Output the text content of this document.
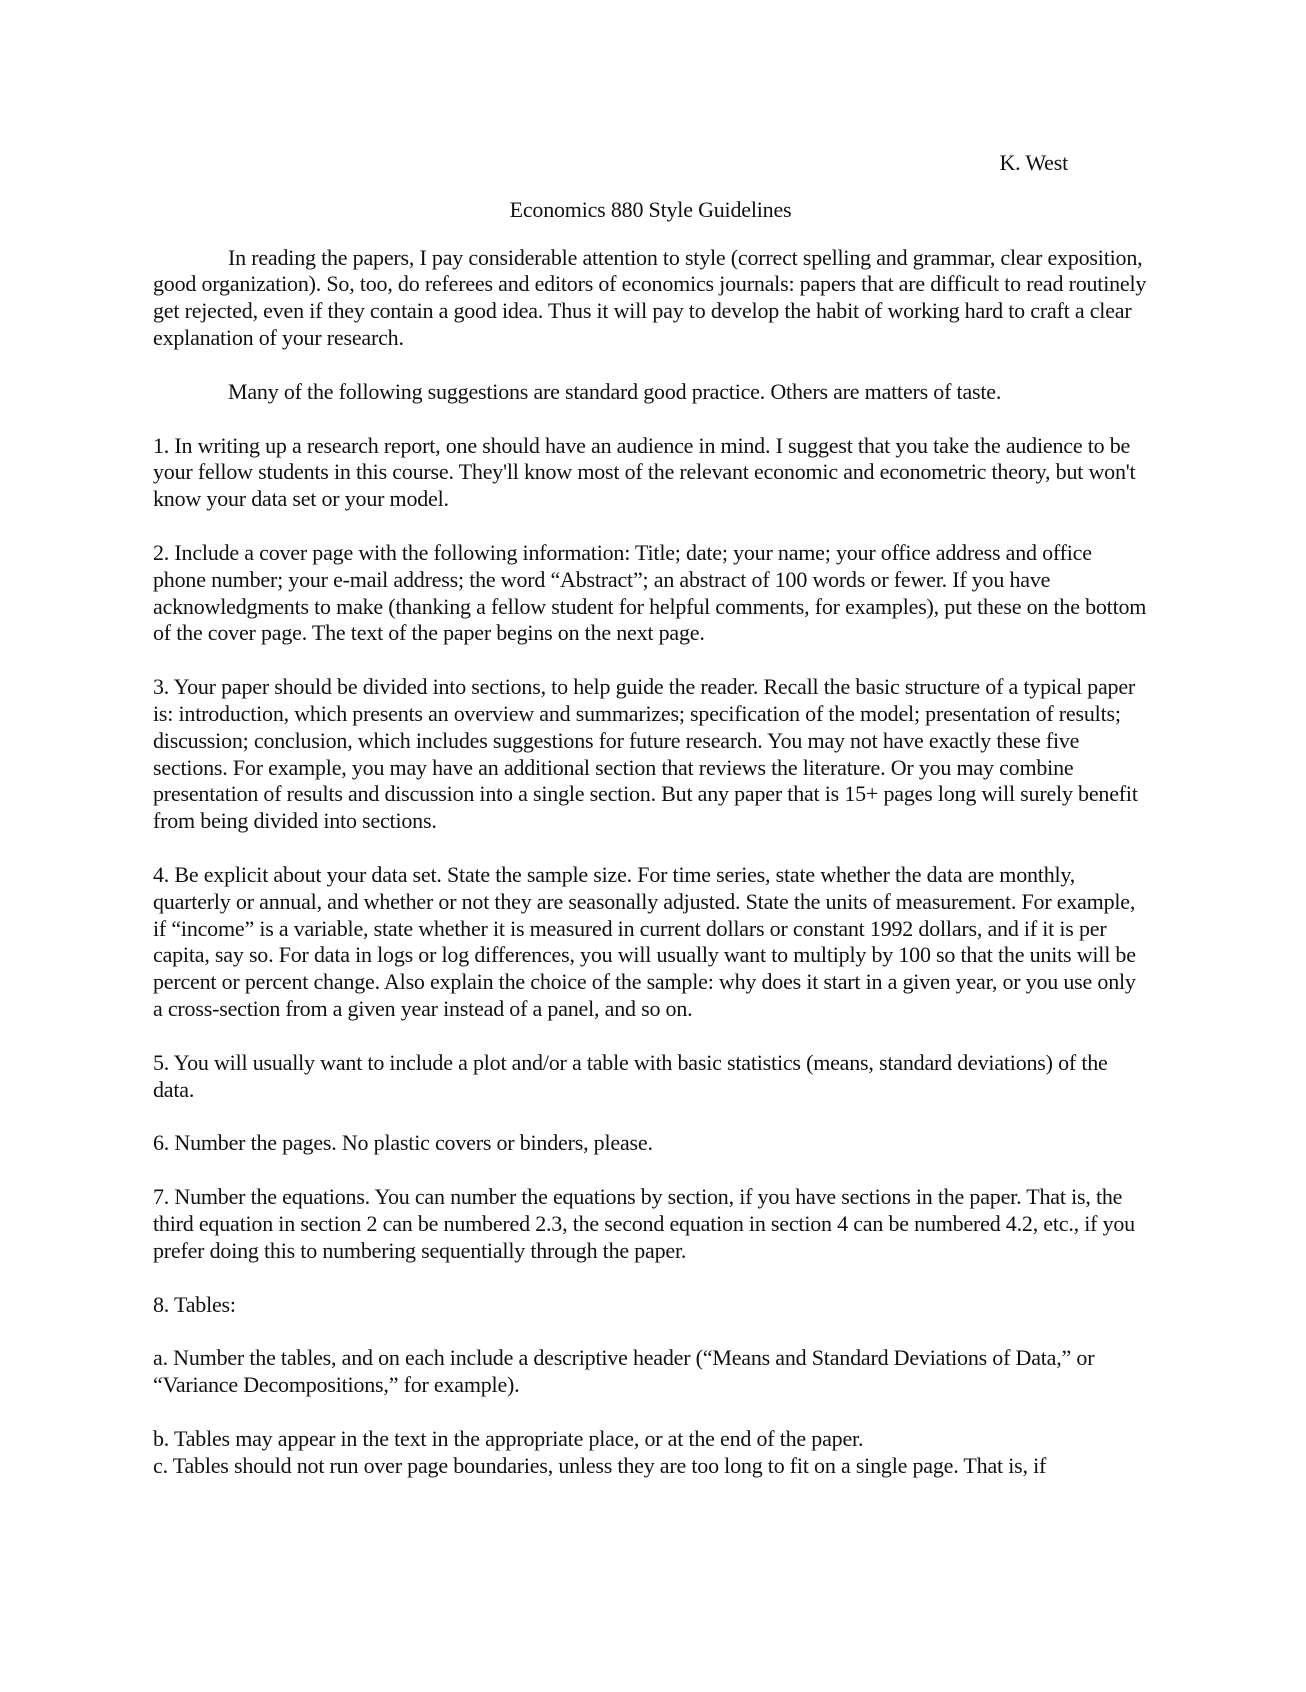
K. West
Economics 880 Style Guidelines

In reading the papers, I pay considerable attention to style (correct spelling and grammar, clear exposition, good organization). So, too, do referees and editors of economics journals: papers that are difficult to read routinely get rejected, even if they contain a good idea. Thus it will pay to develop the habit of working hard to craft a clear explanation of your research.

Many of the following suggestions are standard good practice. Others are matters of taste.

1. In writing up a research report, one should have an audience in mind. I suggest that you take the audience to be your fellow students in this course. They'll know most of the relevant economic and econometric theory, but won't know your data set or your model.
2. Include a cover page with the following information: Title; date; your name; your office address and office phone number; your e-mail address; the word “Abstract”; an abstract of 100 words or fewer. If you have acknowledgments to make (thanking a fellow student for helpful comments, for examples), put these on the bottom of the cover page. The text of the paper begins on the next page.
3. Your paper should be divided into sections, to help guide the reader. Recall the basic structure of a typical paper is: introduction, which presents an overview and summarizes; specification of the model; presentation of results; discussion; conclusion, which includes suggestions for future research. You may not have exactly these five sections. For example, you may have an additional section that reviews the literature. Or you may combine presentation of results and discussion into a single section. But any paper that is 15+ pages long will surely benefit from being divided into sections.
4. Be explicit about your data set. State the sample size. For time series, state whether the data are monthly, quarterly or annual, and whether or not they are seasonally adjusted. State the units of measurement. For example, if “income” is a variable, state whether it is measured in current dollars or constant 1992 dollars, and if it is per capita, say so. For data in logs or log differences, you will usually want to multiply by 100 so that the units will be percent or percent change. Also explain the choice of the sample: why does it start in a given year, or you use only a cross-section from a given year instead of a panel, and so on.
5. You will usually want to include a plot and/or a table with basic statistics (means, standard deviations) of the data.
6. Number the pages. No plastic covers or binders, please.
7. Number the equations. You can number the equations by section, if you have sections in the paper. That is, the third equation in section 2 can be numbered 2.3, the second equation in section 4 can be numbered 4.2, etc., if you prefer doing this to numbering sequentially through the paper.
8. Tables:

a. Number the tables, and on each include a descriptive header (“Means and Standard Deviations of Data,” or “Variance Decompositions,” for example).

b. Tables may appear in the text in the appropriate place, or at the end of the paper.

c. Tables should not run over page boundaries, unless they are too long to fit on a single page. That is, if
